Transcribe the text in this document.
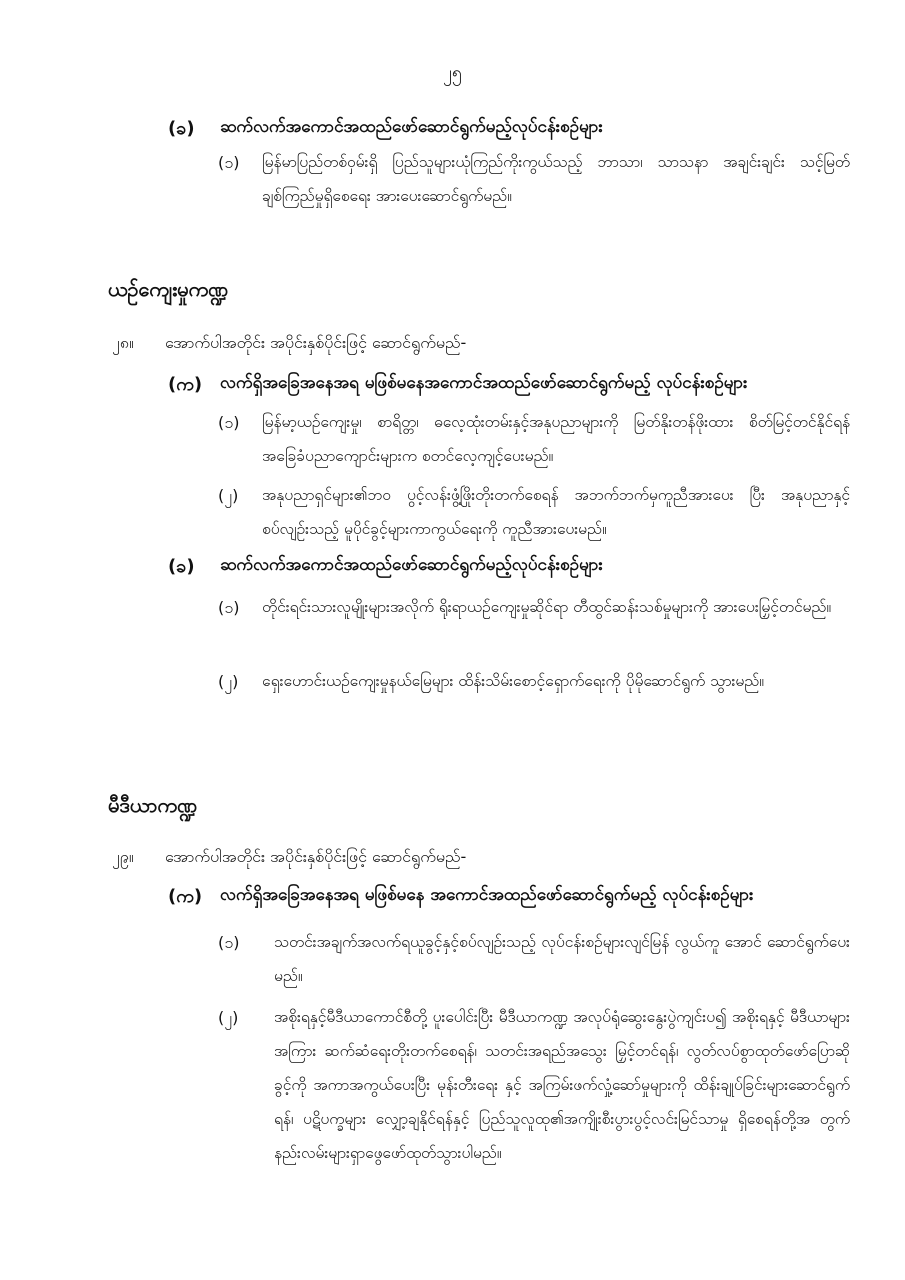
၂၅
(ခ) ဆက်လက်အကောင်အထည်ဖော်ဆောင်ရွက်မည့်လုပ်ငန်းစဉ်များ
(၁) မြန်မာပြည်တစ်ဝှမ်းရှိ ပြည်သူများယုံကြည်ကိုးကွယ်သည့် ဘာသာ၊ သာသနာ အချင်းချင်း သင့်မြတ်ချစ်ကြည်မှုရှိစေရေး အားပေးဆောင်ရွက်မည်။
ယဉ်ကျေးမှုကဏ္ဍ
၂၈။ အောက်ပါအတိုင်း အပိုင်းနှစ်ပိုင်းဖြင့် ဆောင်ရွက်မည်-
(က) လက်ရှိအခြေအနေအရ မဖြစ်မနေအကောင်အထည်ဖော်ဆောင်ရွက်မည့် လုပ်ငန်းစဉ်များ
(၁) မြန်မာ့ယဉ်ကျေးမှု၊ စာရိတ္တ၊ ဓလေ့ထုံးတမ်းနှင့်အနုပညာများကို မြတ်နိုးတန်ဖိုးထား စိတ်မြင့်တင်နိုင်ရန် အခြေခံပညာကျောင်းများက စတင်လေ့ကျင့်ပေးမည်။
(၂) အနုပညာရှင်များ၏ဘဝ ပွင့်လန်းဖွံ့ဖြိုးတိုးတက်စေရန် အဘက်ဘက်မှကူညီအားပေး ပြီး အနုပညာနှင့်စပ်လျဉ်းသည့် မူပိုင်ခွင့်များကာကွယ်ရေးကို ကူညီအားပေးမည်။
(ခ) ဆက်လက်အကောင်အထည်ဖော်ဆောင်ရွက်မည့်လုပ်ငန်းစဉ်များ
(၁) တိုင်းရင်းသားလူမျိုးများအလိုက် ရိုးရာယဉ်ကျေးမှုဆိုင်ရာ တီထွင်ဆန်းသစ်မှုများကို အားပေးမြှင့်တင်မည်။
(၂) ရှေးဟောင်းယဉ်ကျေးမှုနယ်မြေများ ထိန်းသိမ်းစောင့်ရှောက်ရေးကို ပိုမိုဆောင်ရွက် သွားမည်။
မီဒီယာကဏ္ဍ
၂၉။ အောက်ပါအတိုင်း အပိုင်းနှစ်ပိုင်းဖြင့် ဆောင်ရွက်မည်-
(က) လက်ရှိအခြေအနေအရ မဖြစ်မနေ အကောင်အထည်ဖော်ဆောင်ရွက်မည့် လုပ်ငန်းစဉ်များ
(၁) သတင်းအချက်အလက်ရယူခွင့်နှင့်စပ်လျဉ်းသည့် လုပ်ငန်းစဉ်များလျင်မြန် လွယ်ကူ အောင် ဆောင်ရွက်ပေးမည်။
(၂) အစိုးရနှင့်မီဒီယာကောင်စီတို့ ပူးပေါင်းပြီး မီဒီယာကဏ္ဍ အလုပ်ရုံဆွေးနွေးပွဲကျင်းပ၍ အစိုးရနှင့် မီဒီယာများအကြား ဆက်ဆံရေးတိုးတက်စေရန်၊ သတင်းအရည်အသွေး မြှင့်တင်ရန်၊ လွတ်လပ်စွာထုတ်ဖော်ပြောဆိုခွင့်ကို အကာအကွယ်ပေးပြီး မုန်းတီးရေး နှင့် အကြမ်းဖက်လှုံ့ဆော်မှုများကို ထိန်းချုပ်ခြင်းများဆောင်ရွက်ရန်၊ ပဋိပက္ခများ လျှော့ချနိုင်ရန်နှင့် ပြည်သူလူထု၏အကျိုးစီးပွားပွင့်လင်းမြင်သာမှု ရှိစေရန်တို့အ တွက် နည်းလမ်းများရှာဖွေဖော်ထုတ်သွားပါမည်။
